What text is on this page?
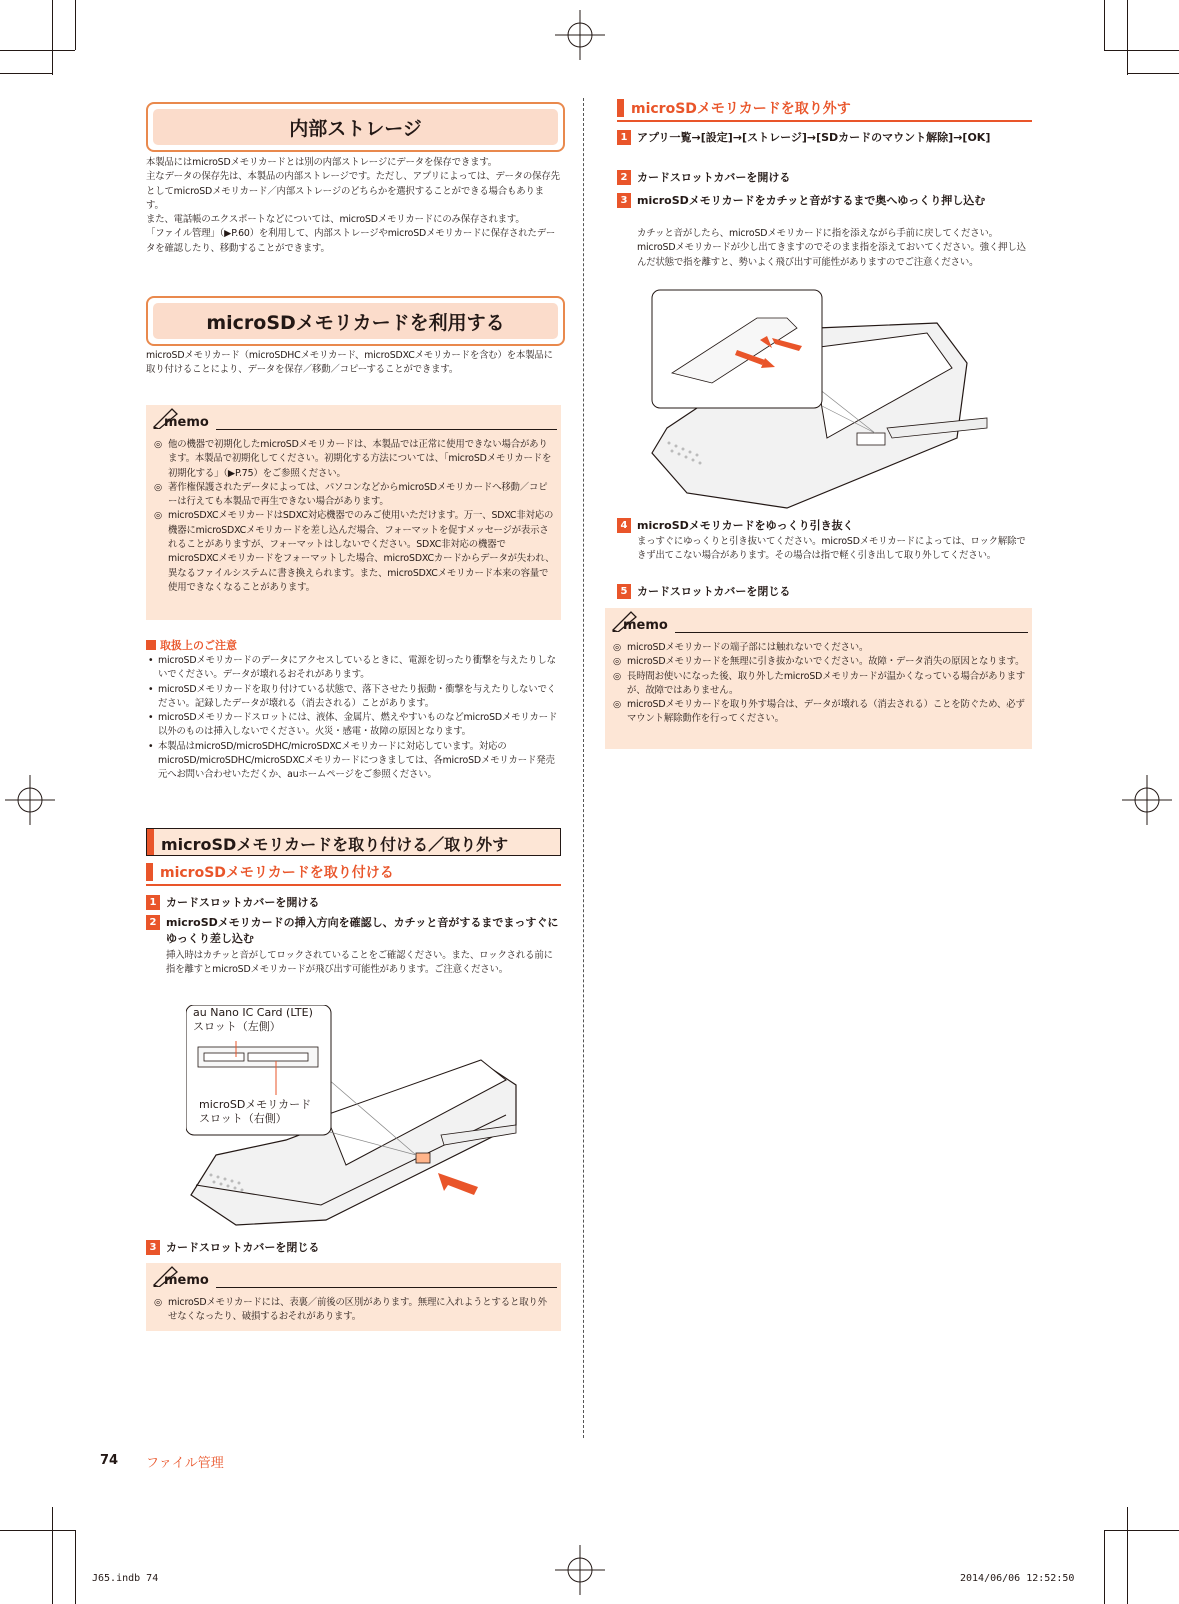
内部ストレージ

本製品にはmicroSDメモリカードとは別の内部ストレージにデータを保存できます。

主なデータの保存先は、本製品の内部ストレージです。ただし、アプリによっては、データの保存先としてmicroSDメモリカード／内部ストレージのどちらかを選択することができる場合もあります。

また、電話帳のエクスポートなどについては、microSDメモリカードにのみ保存されます。

「ファイル管理」（▶P.60）を利用して、内部ストレージやmicroSDメモリカードに保存されたデータを確認したり、移動することができます。

microSDメモリカードを利用する

microSDメモリカード（microSDHCメモリカード、microSDXCメモリカードを含む）を本製品に取り付けることにより、データを保存／移動／コピーすることができます。

memo
◎ 他の機器で初期化したmicroSDメモリカードは、本製品では正常に使用できない場合があります。本製品で初期化してください。初期化する方法については、「microSDメモリカードを初期化する」（▶P.75）をご参照ください。
◎ 著作権保護されたデータによっては、パソコンなどからmicroSDメモリカードへ移動／コピーは行えても本製品で再生できない場合があります。
◎ microSDXCメモリカードはSDXC対応機器でのみご使用いただけます。万一、SDXC非対応の機器にmicroSDXCメモリカードを差し込んだ場合、フォーマットを促すメッセージが表示されることがありますが、フォーマットはしないでください。SDXC非対応の機器でmicroSDXCメモリカードをフォーマットした場合、microSDXCカードからデータが失われ、異なるファイルシステムに書き換えられます。また、microSDXCメモリカード本来の容量で使用できなくなることがあります。
取扱上のご注意
• microSDメモリカードのデータにアクセスしているときに、電源を切ったり衝撃を与えたりしないでください。データが壊れるおそれがあります。
• microSDメモリカードを取り付けている状態で、落下させたり振動・衝撃を与えたりしないでください。記録したデータが壊れる（消去される）ことがあります。
• microSDメモリカードスロットには、液体、金属片、燃えやすいものなどmicroSDメモリカード以外のものは挿入しないでください。火災・感電・故障の原因となります。
• 本製品はmicroSD/microSDHC/microSDXCメモリカードに対応しています。対応のmicroSD/microSDHC/microSDXCメモリカードにつきましては、各microSDメモリカード発売元へお問い合わせいただくか、auホームページをご参照ください。
microSDメモリカードを取り付ける／取り外す
microSDメモリカードを取り付ける
1 カードスロットカバーを開ける
2 microSDメモリカードの挿入方向を確認し、カチッと音がするまでまっすぐにゆっくり差し込む
挿入時はカチッと音がしてロックされていることをご確認ください。また、ロックされる前に指を離すとmicroSDメモリカードが飛び出す可能性があります。ご注意ください。
au Nano IC Card (LTE)
スロット（左側）
microSDメモリカード
スロット（右側）
3 カードスロットカバーを閉じる
memo
◎ microSDメモリカードには、表裏／前後の区別があります。無理に入れようとすると取り外せなくなったり、破損するおそれがあります。
microSDメモリカードを取り外す
1 アプリ一覧→[設定]→[ストレージ]→[SDカードのマウント解除]→[OK]
2 カードスロットカバーを開ける
3 microSDメモリカードをカチッと音がするまで奥へゆっくり押し込む
カチッと音がしたら、microSDメモリカードに指を添えながら手前に戻してください。microSDメモリカードが少し出てきますのでそのまま指を添えておいてください。強く押し込んだ状態で指を離すと、勢いよく飛び出す可能性がありますのでご注意ください。
4 microSDメモリカードをゆっくり引き抜く
まっすぐにゆっくりと引き抜いてください。microSDメモリカードによっては、ロック解除できず出てこない場合があります。その場合は指で軽く引き出して取り外してください。
5 カードスロットカバーを閉じる
memo
◎ microSDメモリカードの端子部には触れないでください。
◎ microSDメモリカードを無理に引き抜かないでください。故障・データ消失の原因となります。
◎ 長時間お使いになった後、取り外したmicroSDメモリカードが温かくなっている場合がありますが、故障ではありません。
◎ microSDメモリカードを取り外す場合は、データが壊れる（消去される）ことを防ぐため、必ずマウント解除動作を行ってください。
74 ファイル管理
J65.indb 74	2014/06/06 12:52:50
